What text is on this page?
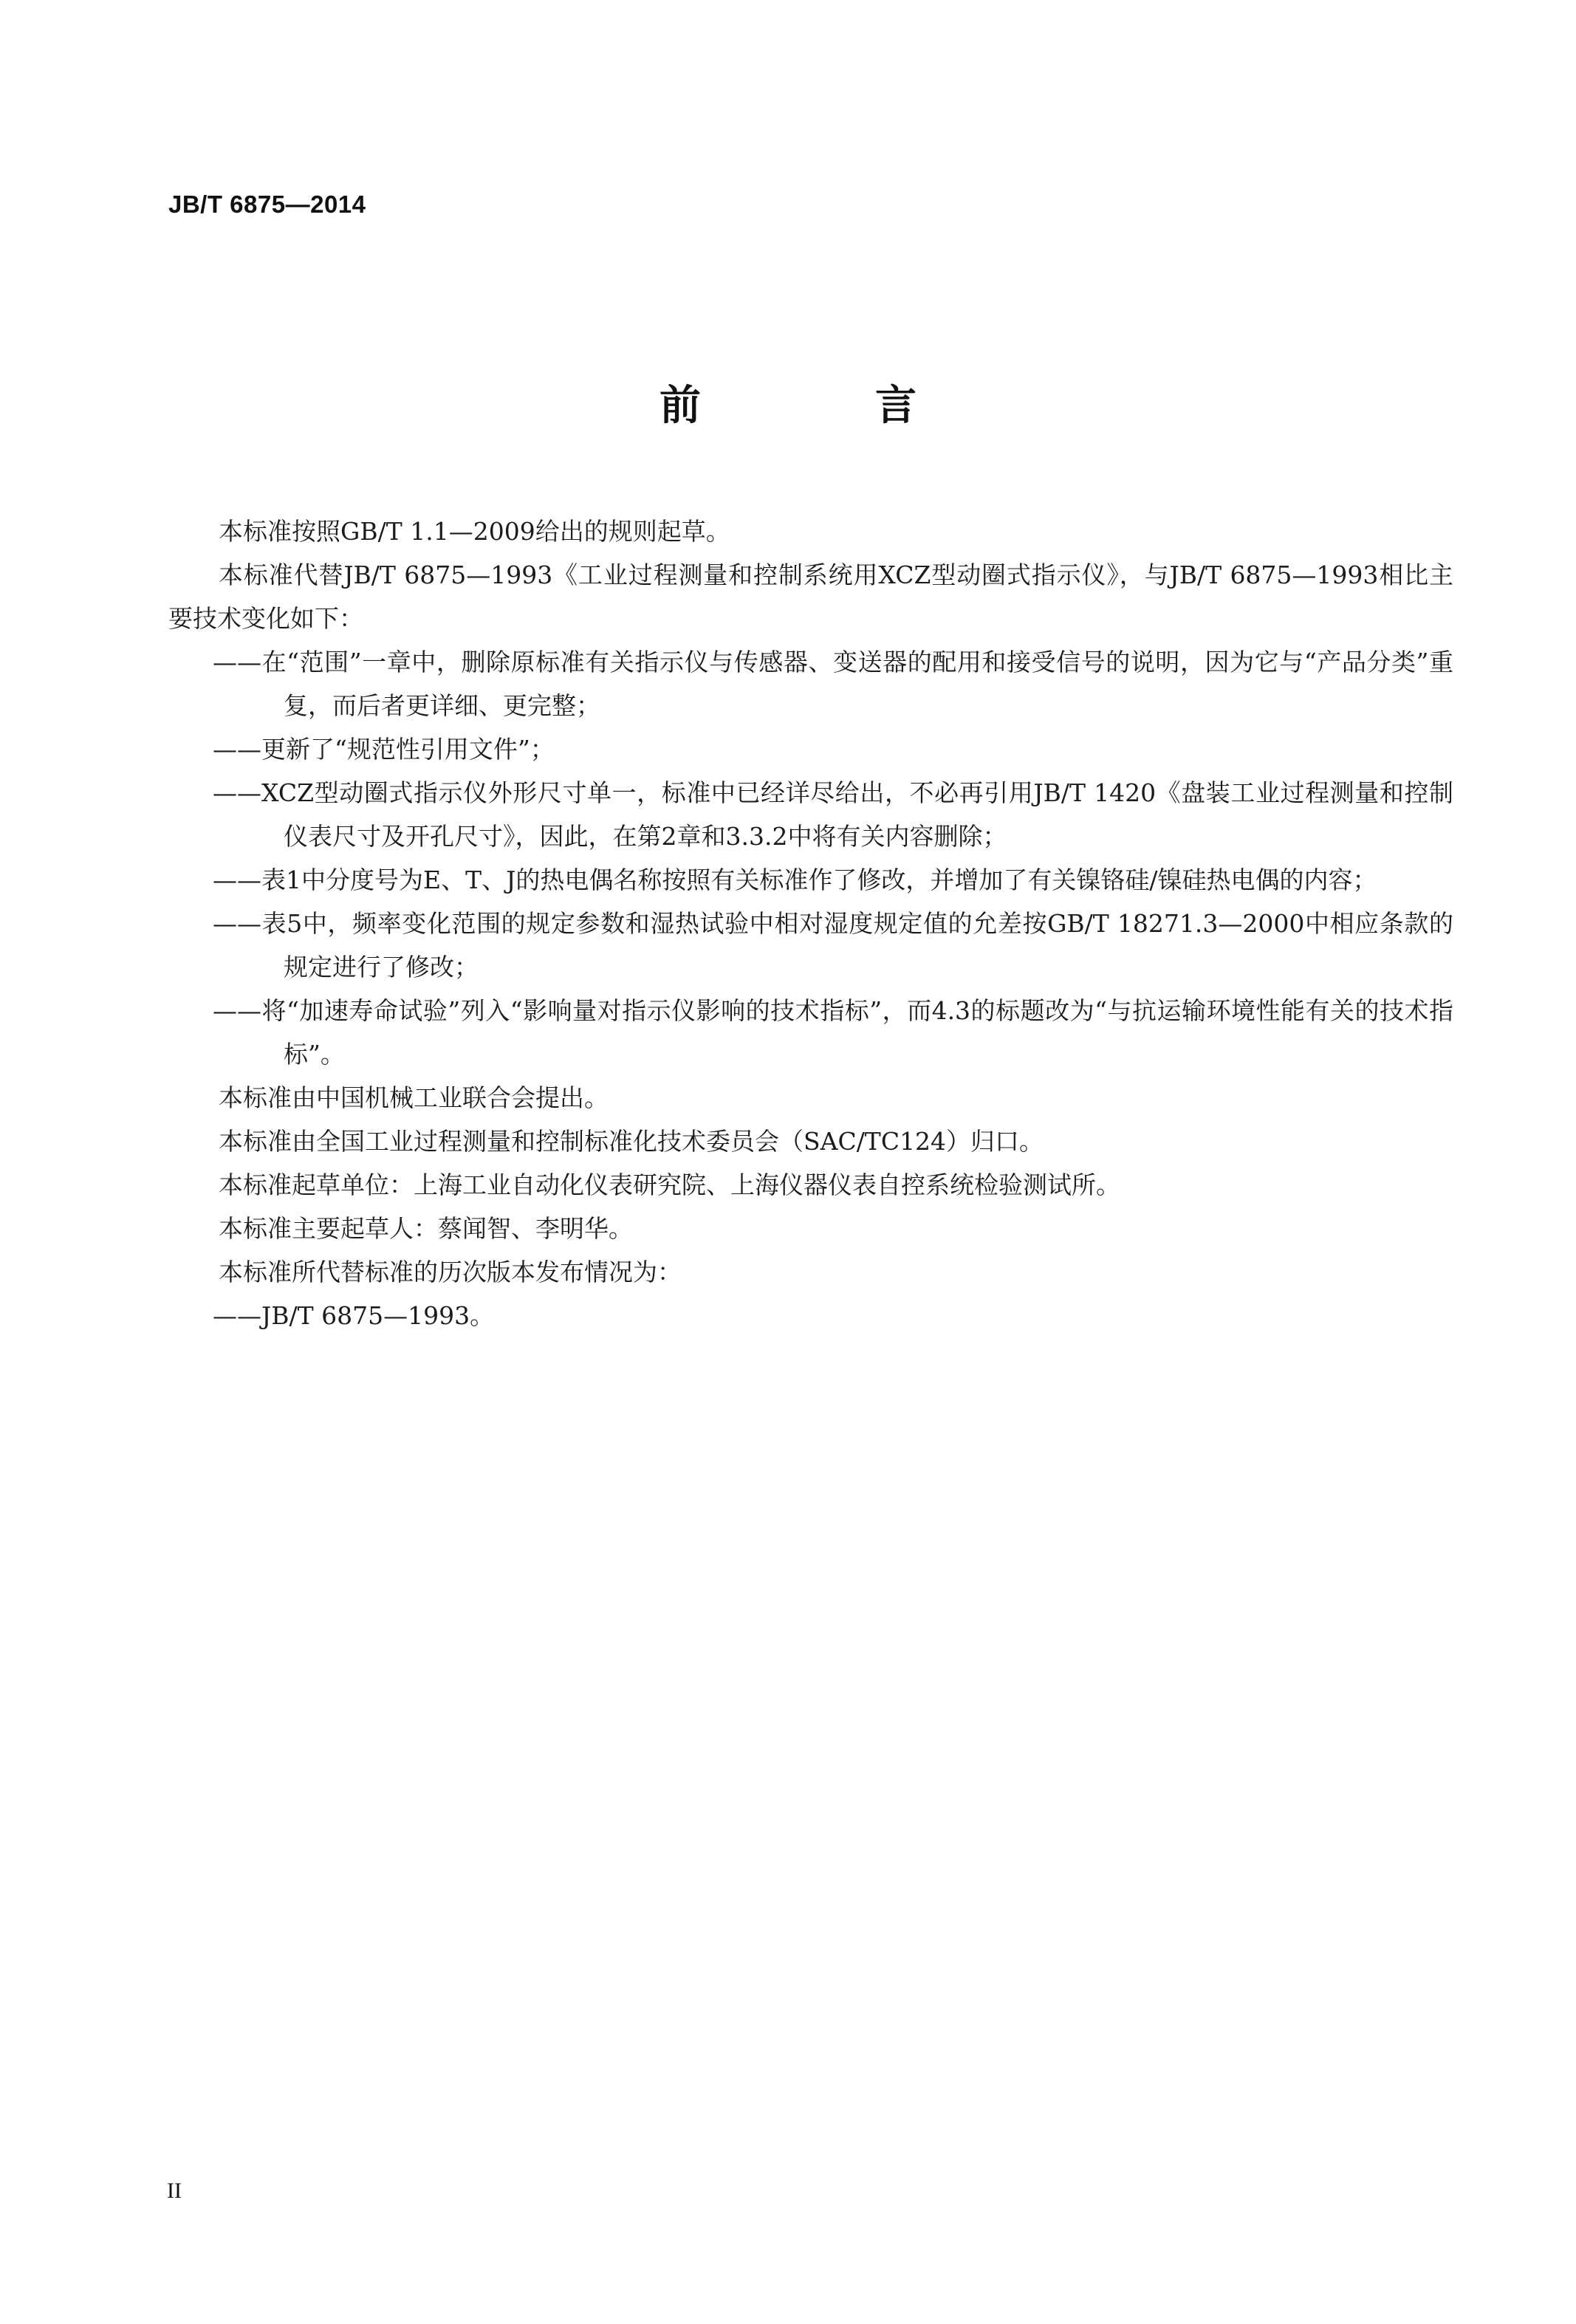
JB/T 6875—2014
前　言

本标准按照GB/T 1.1—2009给出的规则起草。

本标准代替JB/T 6875—1993《工业过程测量和控制系统用XCZ型动圈式指示仪》，与JB/T 6875—1993相比主要技术变化如下：

——在“范围”一章中，删除原标准有关指示仪与传感器、变送器的配用和接受信号的说明，因为它与“产品分类”重复，而后者更详细、更完整；

——更新了“规范性引用文件”；

——XCZ型动圈式指示仪外形尺寸单一，标准中已经详尽给出，不必再引用JB/T 1420《盘装工业过程测量和控制仪表尺寸及开孔尺寸》，因此，在第2章和3.3.2中将有关内容删除；

——表1中分度号为E、T、J的热电偶名称按照有关标准作了修改，并增加了有关镍铬硅/镍硅热电偶的内容；

——表5中，频率变化范围的规定参数和湿热试验中相对湿度规定值的允差按GB/T 18271.3—2000中相应条款的规定进行了修改；

——将“加速寿命试验”列入“影响量对指示仪影响的技术指标”，而4.3的标题改为“与抗运输环境性能有关的技术指标”。

本标准由中国机械工业联合会提出。

本标准由全国工业过程测量和控制标准化技术委员会（SAC/TC124）归口。

本标准起草单位：上海工业自动化仪表研究院、上海仪器仪表自控系统检验测试所。

本标准主要起草人：蔡闻智、李明华。

本标准所代替标准的历次版本发布情况为：

——JB/T 6875—1993。

II
